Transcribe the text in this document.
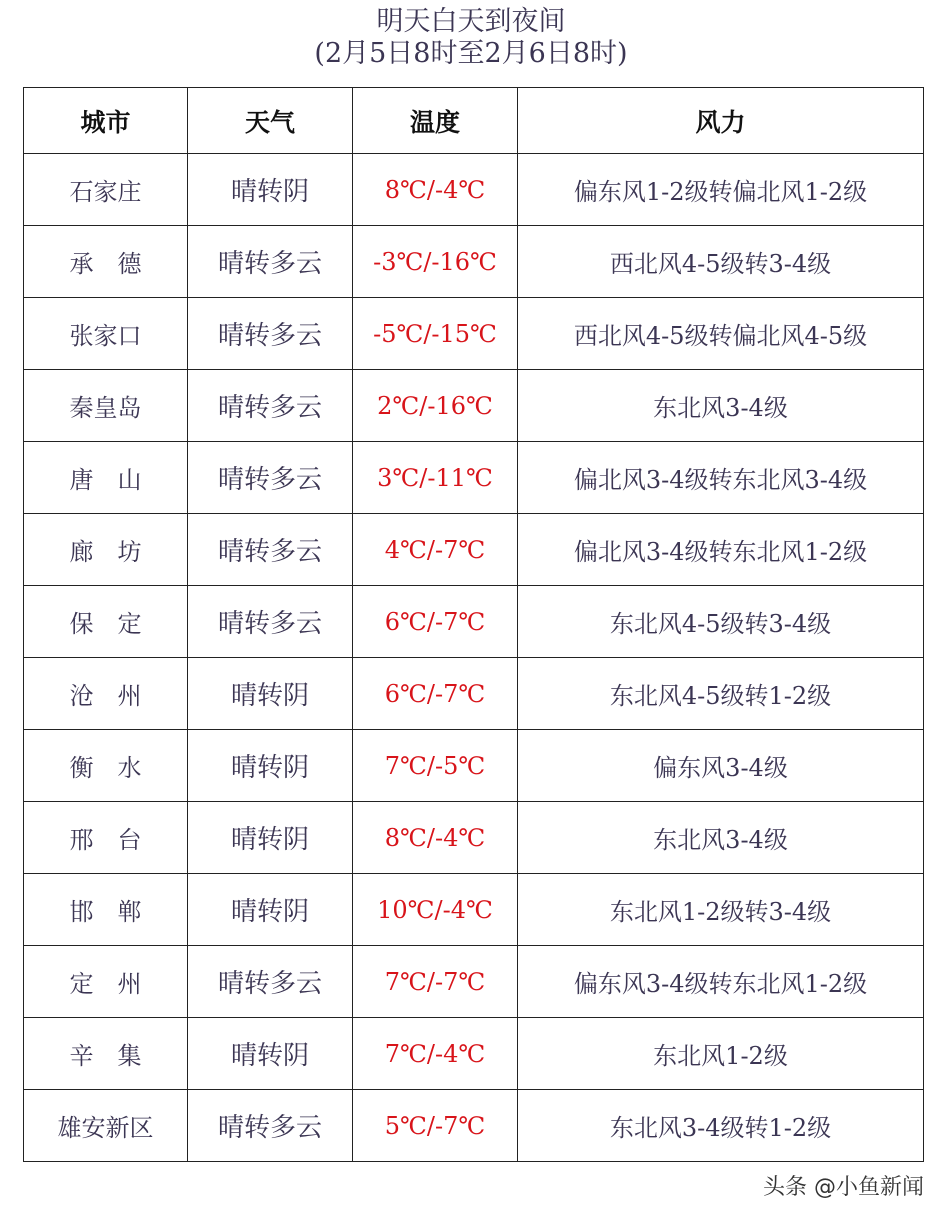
明天白天到夜间
(2月5日8时至2月6日8时)
城市	天气	温度	风力
石家庄	晴转阴	8℃/-4℃	偏东风1-2级转偏北风1-2级
承　德	晴转多云	-3℃/-16℃	西北风4-5级转3-4级
张家口	晴转多云	-5℃/-15℃	西北风4-5级转偏北风4-5级
秦皇岛	晴转多云	2℃/-16℃	东北风3-4级
唐　山	晴转多云	3℃/-11℃	偏北风3-4级转东北风3-4级
廊　坊	晴转多云	4℃/-7℃	偏北风3-4级转东北风1-2级
保　定	晴转多云	6℃/-7℃	东北风4-5级转3-4级
沧　州	晴转阴	6℃/-7℃	东北风4-5级转1-2级
衡　水	晴转阴	7℃/-5℃	偏东风3-4级
邢　台	晴转阴	8℃/-4℃	东北风3-4级
邯　郸	晴转阴	10℃/-4℃	东北风1-2级转3-4级
定　州	晴转多云	7℃/-7℃	偏东风3-4级转东北风1-2级
辛　集	晴转阴	7℃/-4℃	东北风1-2级
雄安新区	晴转多云	5℃/-7℃	东北风3-4级转1-2级
头条 @小鱼新闻
